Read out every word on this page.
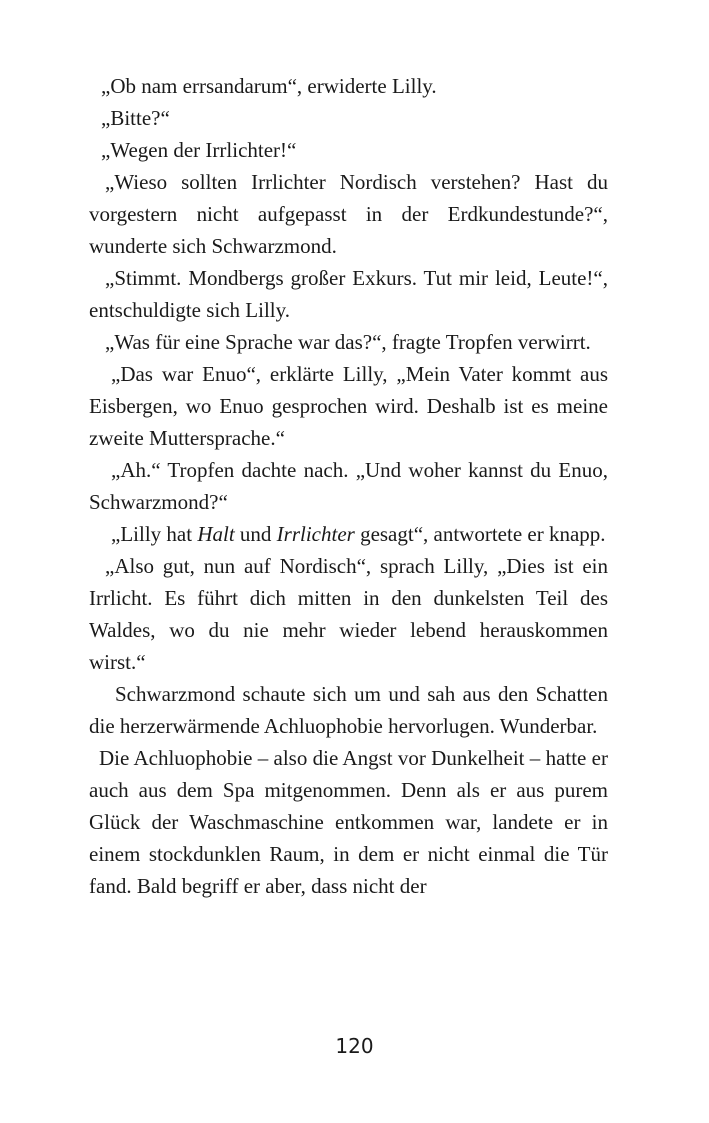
„Ob nam errsandarum“, erwiderte Lilly.

„Bitte?“

„Wegen der Irrlichter!“

„Wieso sollten Irrlichter Nordisch verstehen? Hast du vorgestern nicht aufgepasst in der Erdkundestunde?“, wunderte sich Schwarzmond.

„Stimmt. Mondbergs großer Exkurs. Tut mir leid, Leute!“, entschuldigte sich Lilly.

„Was für eine Sprache war das?“, fragte Tropfen verwirrt.

„Das war Enuo“, erklärte Lilly, „Mein Vater kommt aus Eisbergen, wo Enuo gesprochen wird. Deshalb ist es meine zweite Muttersprache.“

„Ah.“ Tropfen dachte nach. „Und woher kannst du Enuo, Schwarzmond?“

„Lilly hat Halt und Irrlichter gesagt“, antwortete er knapp.

„Also gut, nun auf Nordisch“, sprach Lilly, „Dies ist ein Irrlicht. Es führt dich mitten in den dunkelsten Teil des Waldes, wo du nie mehr wieder lebend herauskommen wirst.“

Schwarzmond schaute sich um und sah aus den Schatten die herzerwärmende Achluophobie hervorlugen. Wunderbar.

Die Achluophobie – also die Angst vor Dunkelheit – hatte er auch aus dem Spa mitgenommen. Denn als er aus purem Glück der Waschmaschine entkommen war, landete er in einem stockdunklen Raum, in dem er nicht einmal die Tür fand. Bald begriff er aber, dass nicht der

120
